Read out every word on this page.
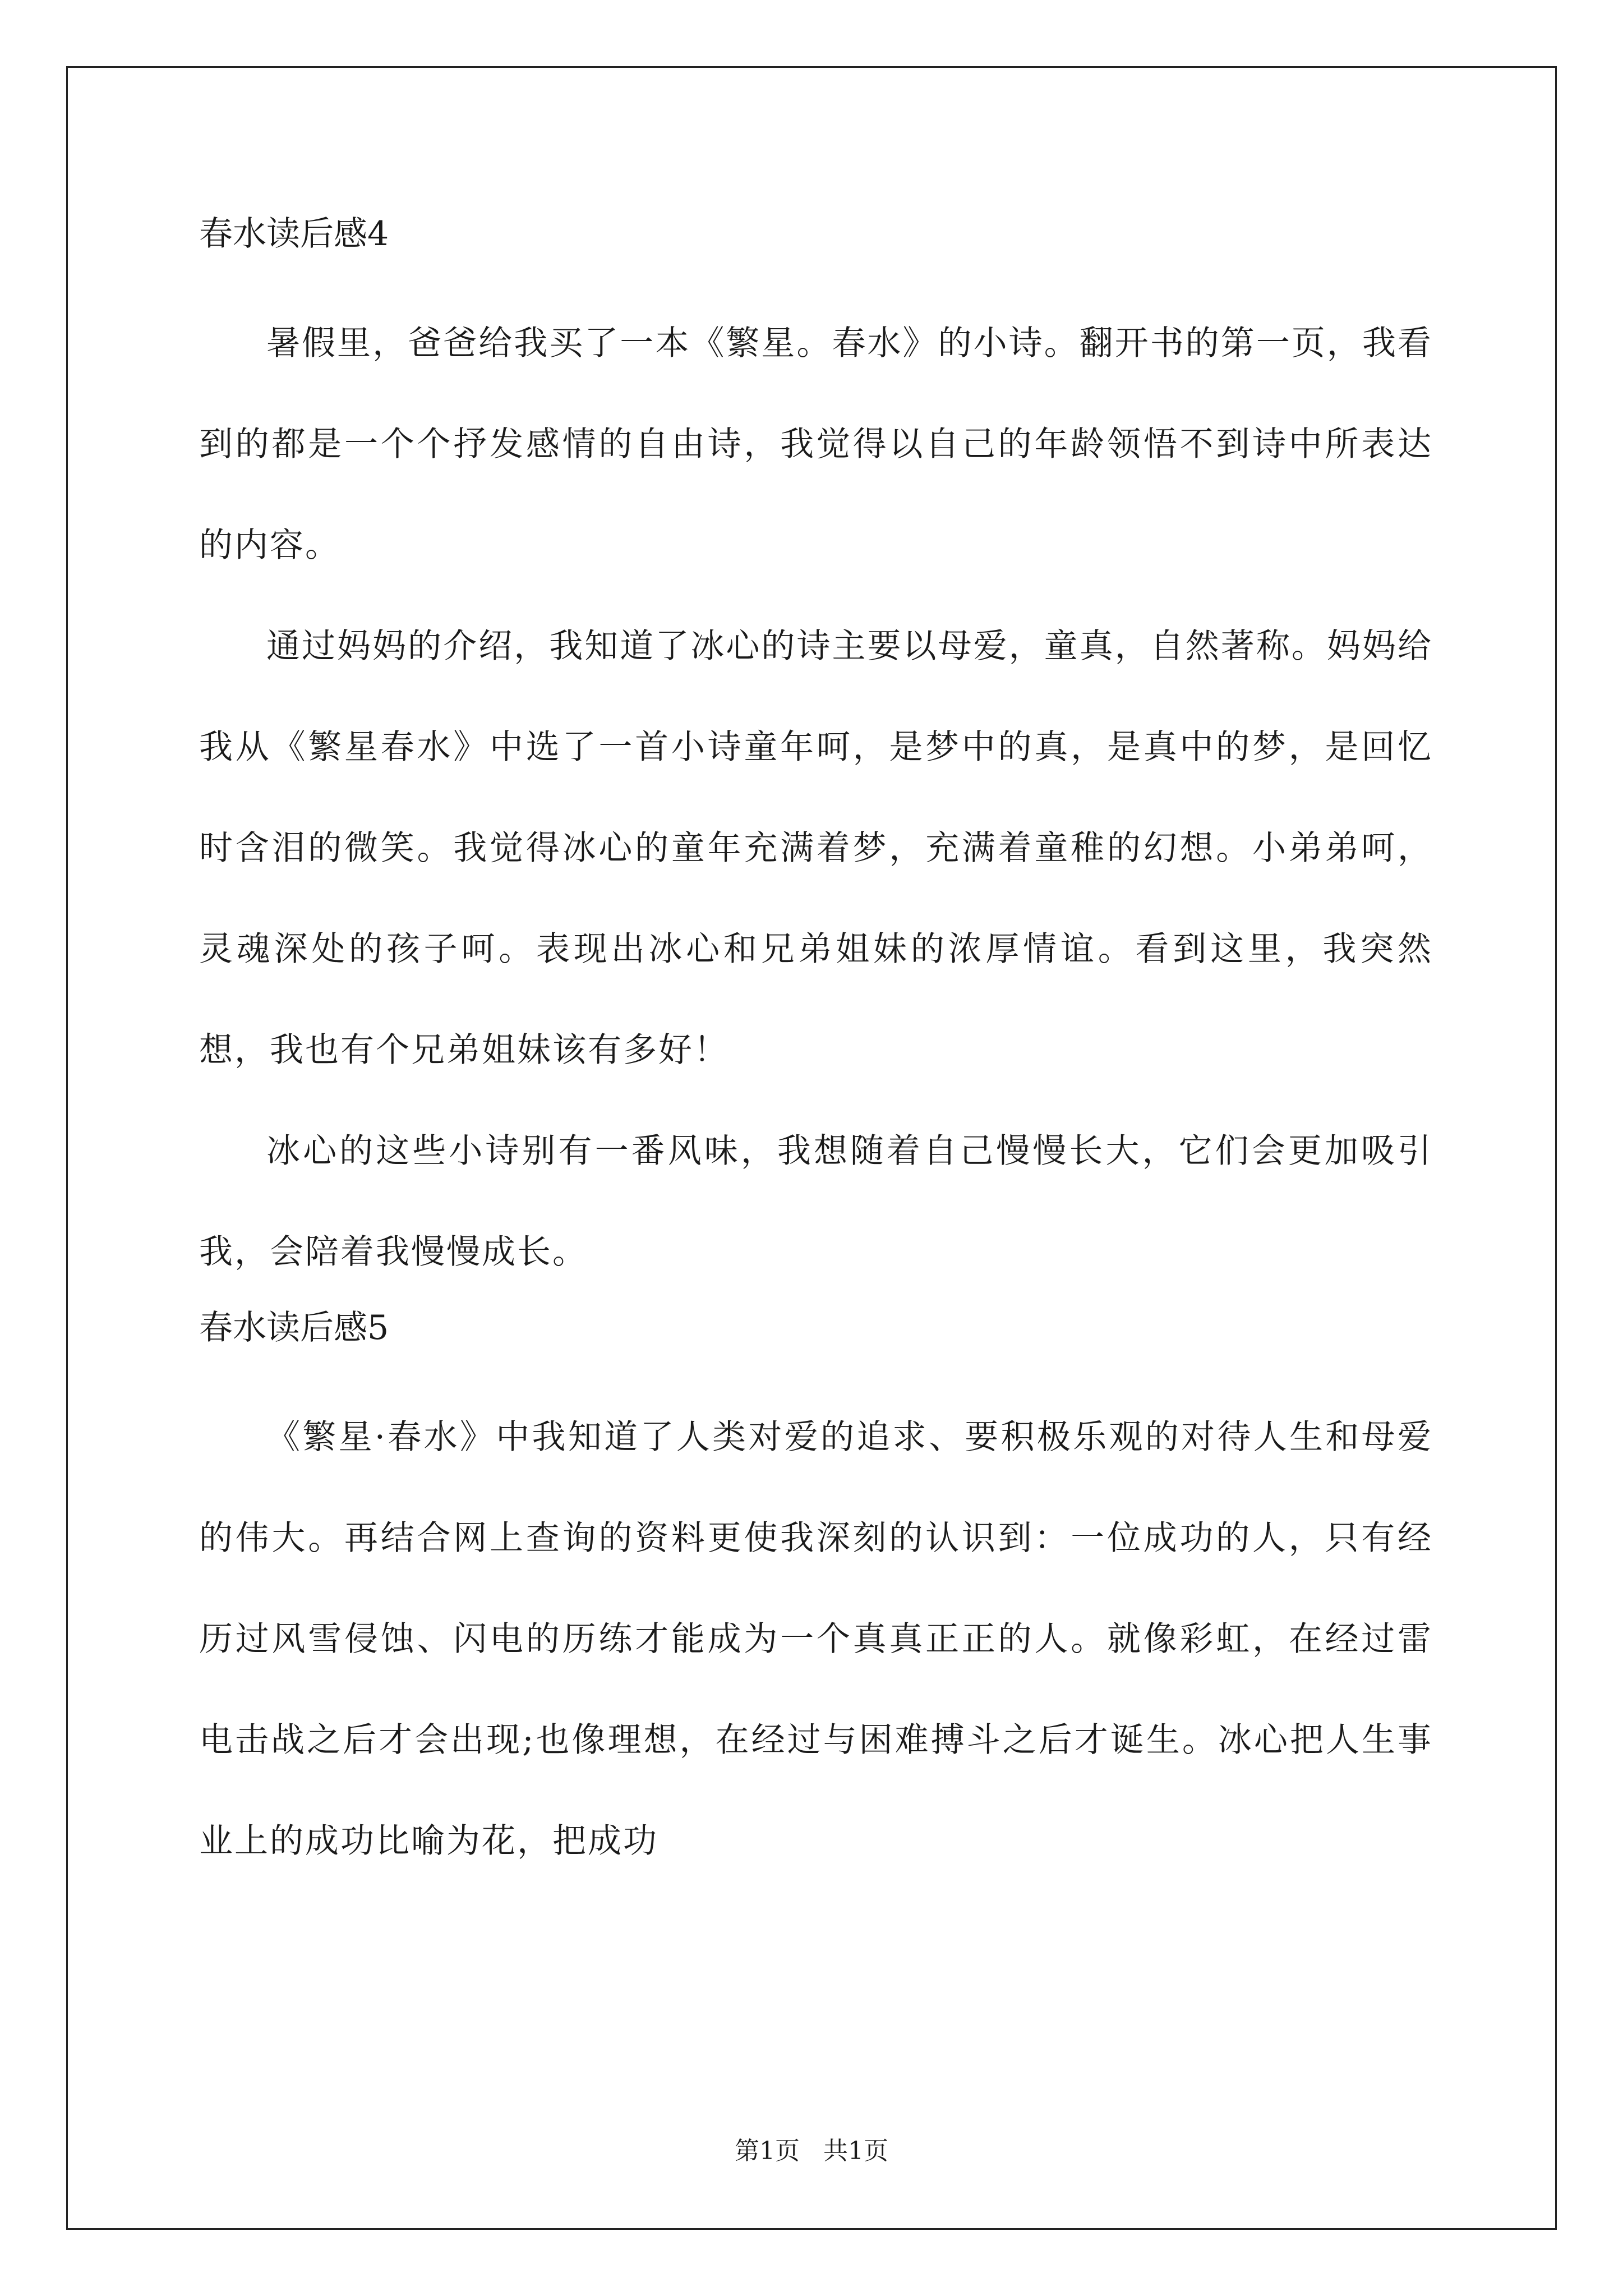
春水读后感4

暑假里，爸爸给我买了一本《繁星。春水》的小诗。翻开书的第一页，我看到的都是一个个抒发感情的自由诗，我觉得以自己的年龄领悟不到诗中所表达的内容。

通过妈妈的介绍，我知道了冰心的诗主要以母爱，童真，自然著称。妈妈给我从《繁星春水》中选了一首小诗童年呵，是梦中的真，是真中的梦，是回忆时含泪的微笑。我觉得冰心的童年充满着梦，充满着童稚的幻想。小弟弟呵，灵魂深处的孩子呵。表现出冰心和兄弟姐妹的浓厚情谊。看到这里，我突然想，我也有个兄弟姐妹该有多好！

冰心的这些小诗别有一番风味，我想随着自己慢慢长大，它们会更加吸引我，会陪着我慢慢成长。

春水读后感5

《繁星·春水》中我知道了人类对爱的追求、要积极乐观的对待人生和母爱的伟大。再结合网上查询的资料更使我深刻的认识到：一位成功的人，只有经历过风雪侵蚀、闪电的历练才能成为一个真真正正的人。就像彩虹，在经过雷电击战之后才会出现;也像理想，在经过与困难搏斗之后才诞生。冰心把人生事业上的成功比喻为花，把成功

第1页   共1页
